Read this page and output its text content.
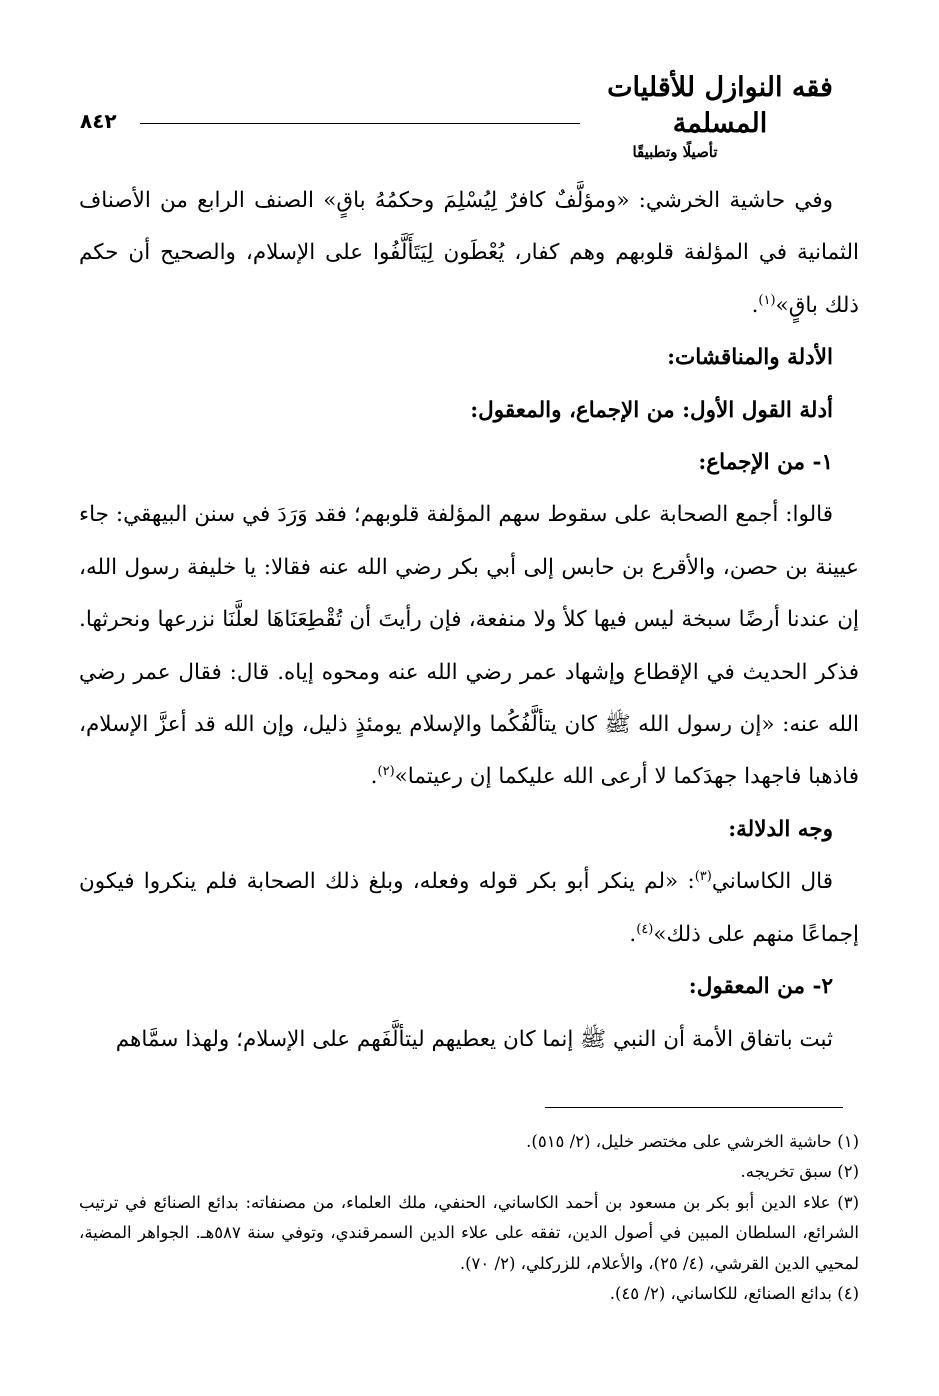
فقه النوازل للأقليات المسلمة
تأصيلًا وتطبيقًا
٨٤٢

وفي حاشية الخرشي: «ومؤلَّفٌ كافرٌ لِيُسْلِمَ وحكمُهُ باقٍ» الصنف الرابع من الأصناف الثمانية في المؤلفة قلوبهم وهم كفار، يُعْطَون لِيَتَأَلَّفُوا على الإسلام، والصحيح أن حكم ذلك باقٍ»$^{(١)}$.

الأدلة والمناقشات:
أدلة القول الأول: من الإجماع، والمعقول:
١- من الإجماع:

قالوا: أجمع الصحابة على سقوط سهم المؤلفة قلوبهم؛ فقد وَرَدَ في سنن البيهقي: جاء عيينة بن حصن، والأقرع بن حابس إلى أبي بكر رضي الله عنه فقالا: يا خليفة رسول الله، إن عندنا أرضًا سبخة ليس فيها كلأ ولا منفعة، فإن رأيتَ أن تُقْطِعَنَاهَا لعلَّنَا نزرعها ونحرثها. فذكر الحديث في الإقطاع وإشهاد عمر رضي الله عنه ومحوه إياه. قال: فقال عمر رضي الله عنه: «إن رسول الله ﷺ كان يتألَّفُكُما والإسلام يومئذٍ ذليل، وإن الله قد أعزَّ الإسلام، فاذهبا فاجهدا جهدَكما لا أرعى الله عليكما إن رعيتما»$^{(٢)}$.

وجه الدلالة:

قال الكاساني$^{(٣)}$: «لم ينكر أبو بكر قوله وفعله، وبلغ ذلك الصحابة فلم ينكروا فيكون إجماعًا منهم على ذلك»$^{(٤)}$.

٢- من المعقول:

ثبت باتفاق الأمة أن النبي ﷺ إنما كان يعطيهم ليتألَّفَهم على الإسلام؛ ولهذا سمَّاهم

(١) حاشية الخرشي على مختصر خليل، (٢/ ٥١٥).

(٢) سبق تخريجه.

(٣) علاء الدين أبو بكر بن مسعود بن أحمد الكاساني، الحنفي، ملك العلماء، من مصنفاته: بدائع الصنائع في ترتيب الشرائع، السلطان المبين في أصول الدين، تفقه على علاء الدين السمرقندي، وتوفي سنة ٥٨٧هـ. الجواهر المضية، لمحيي الدين القرشي، (٤/ ٢٥)، والأعلام، للزركلي، (٢/ ٧٠).

(٤) بدائع الصنائع، للكاساني، (٢/ ٤٥).
